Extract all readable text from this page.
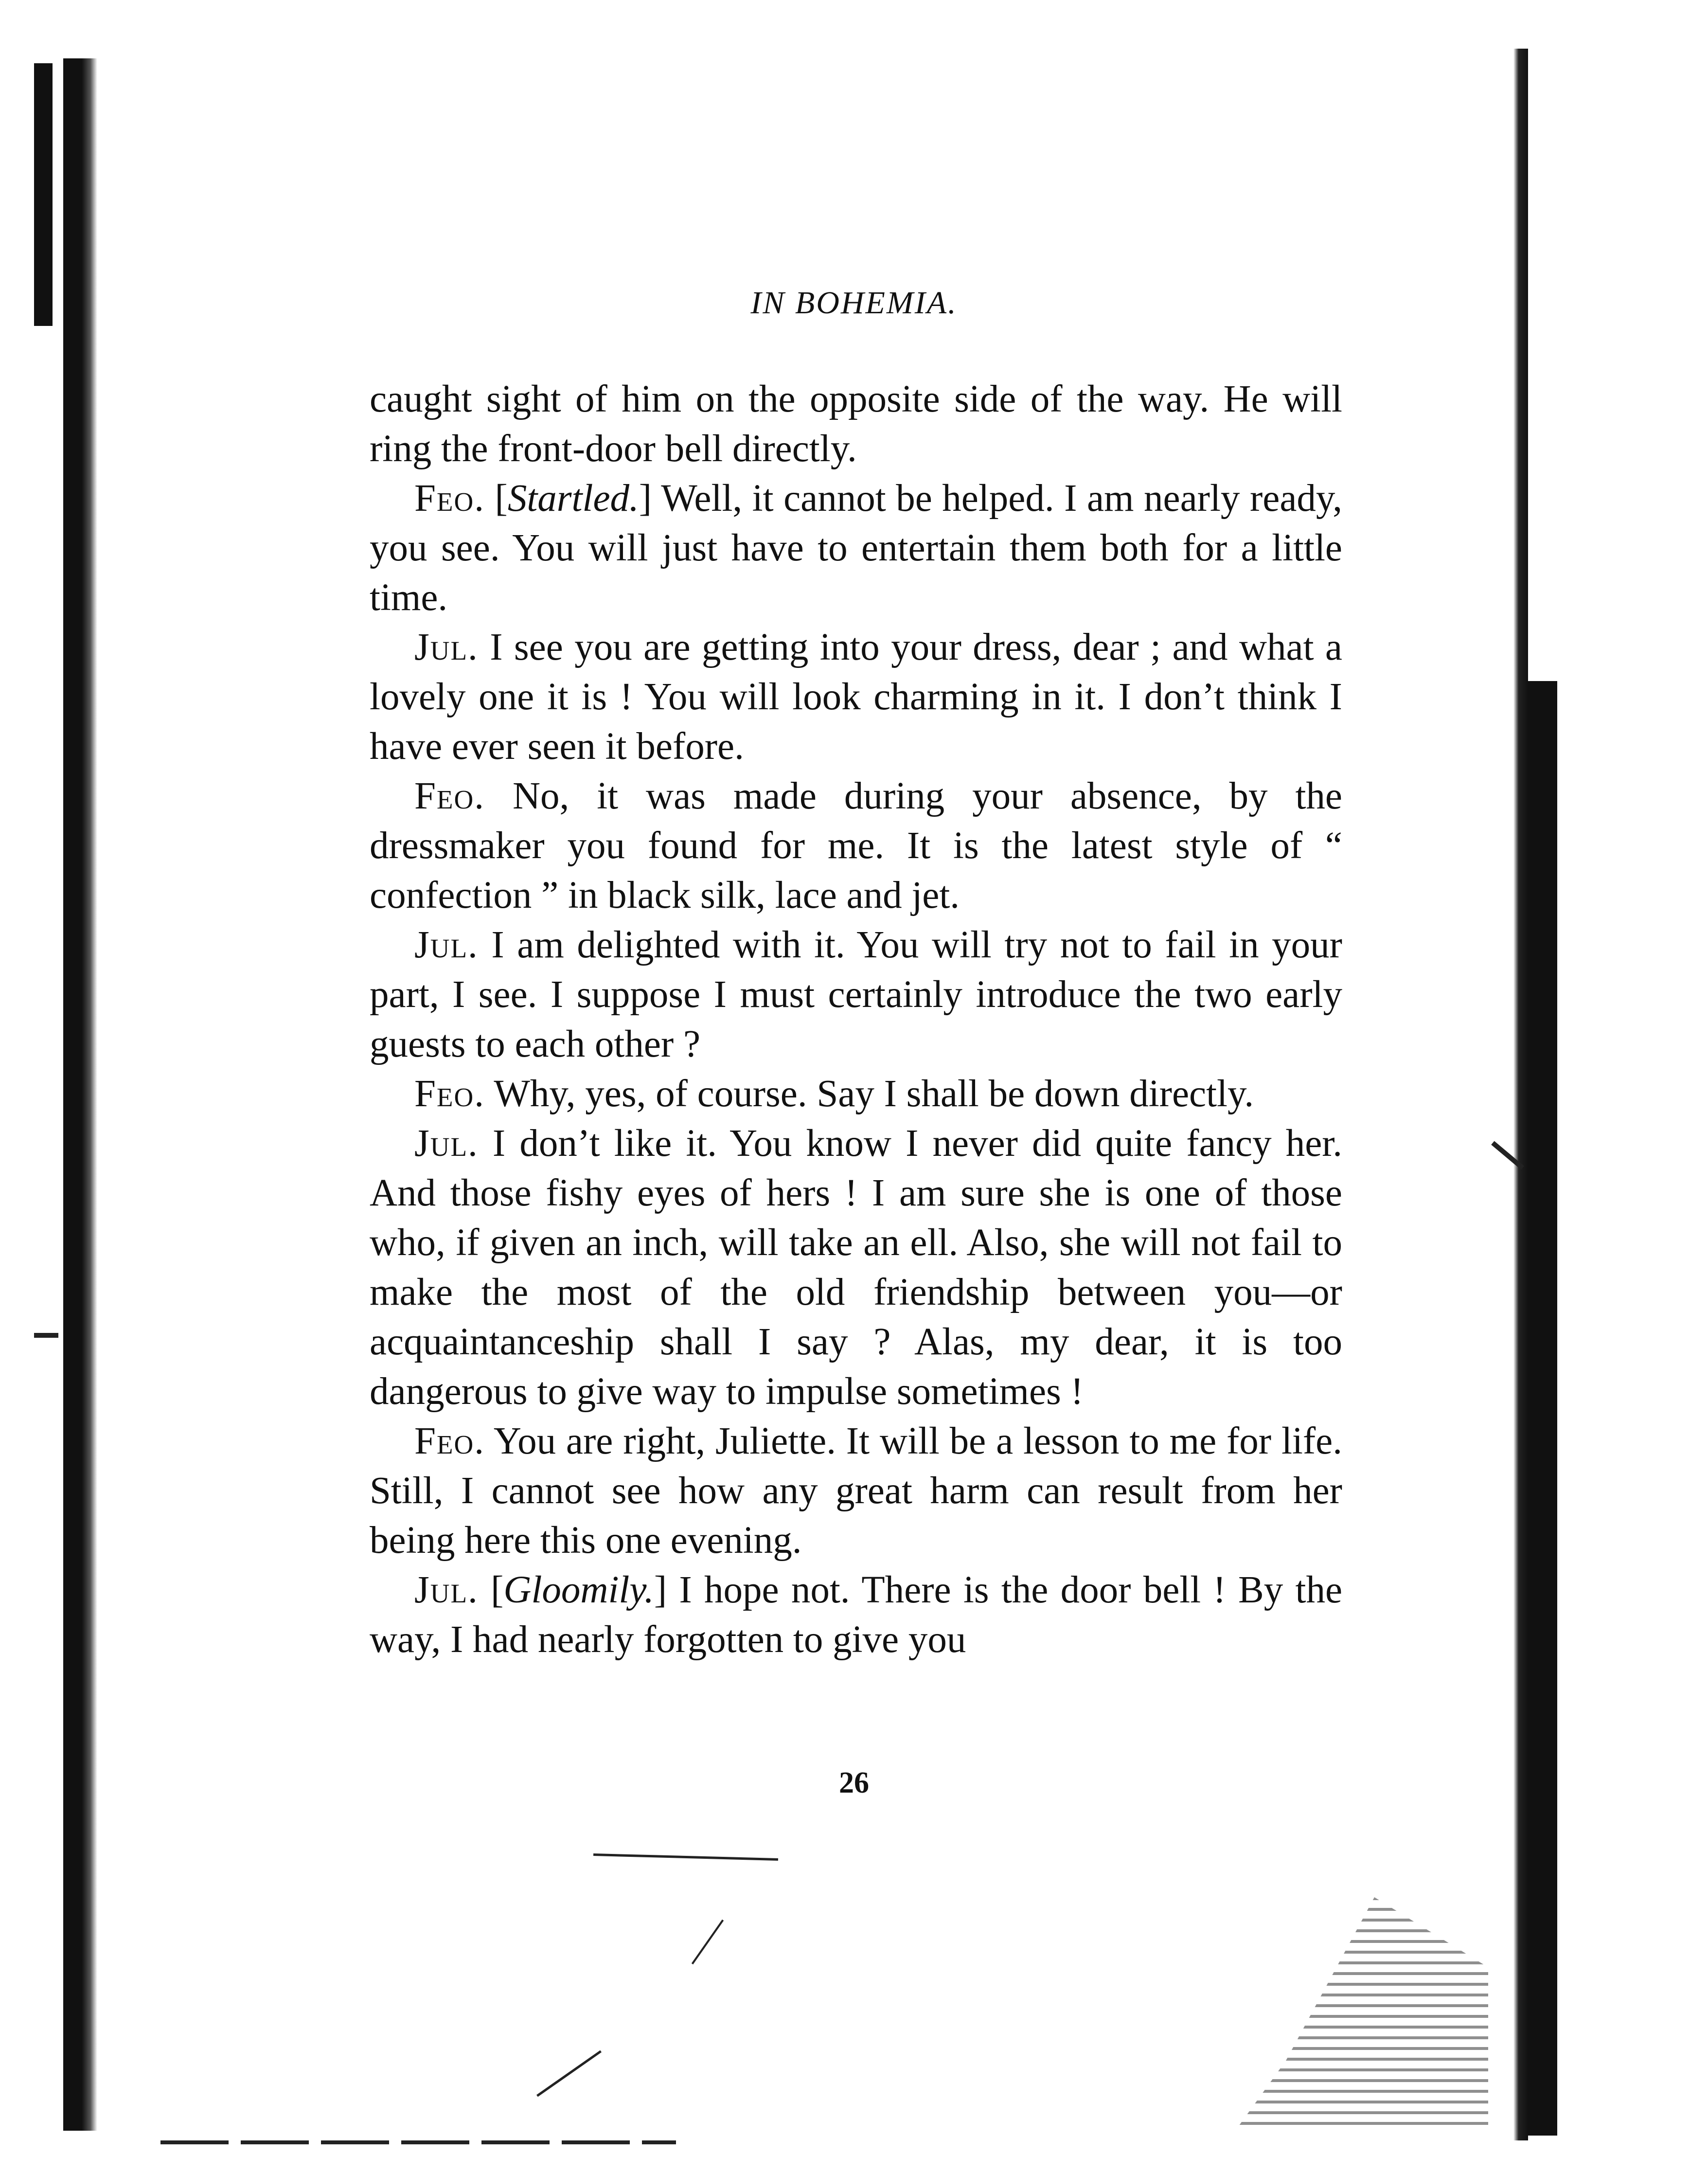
IN BOHEMIA.

caught sight of him on the opposite side of the way. He will ring the front-door bell directly.

Feo. [Startled.] Well, it cannot be helped. I am nearly ready, you see. You will just have to entertain them both for a little time.

Jul. I see you are getting into your dress, dear ; and what a lovely one it is ! You will look charming in it. I don’t think I have ever seen it before.

Feo. No, it was made during your absence, by the dressmaker you found for me. It is the latest style of “ confection ” in black silk, lace and jet.

Jul. I am delighted with it. You will try not to fail in your part, I see. I suppose I must certainly introduce the two early guests to each other ?

Feo. Why, yes, of course. Say I shall be down directly.

Jul. I don’t like it. You know I never did quite fancy her. And those fishy eyes of hers ! I am sure she is one of those who, if given an inch, will take an ell. Also, she will not fail to make the most of the old friendship between you—or acquaintanceship shall I say ? Alas, my dear, it is too dangerous to give way to impulse sometimes !

Feo. You are right, Juliette. It will be a lesson to me for life. Still, I cannot see how any great harm can result from her being here this one evening.

Jul. [Gloomily.] I hope not. There is the door bell ! By the way, I had nearly forgotten to give you

26
